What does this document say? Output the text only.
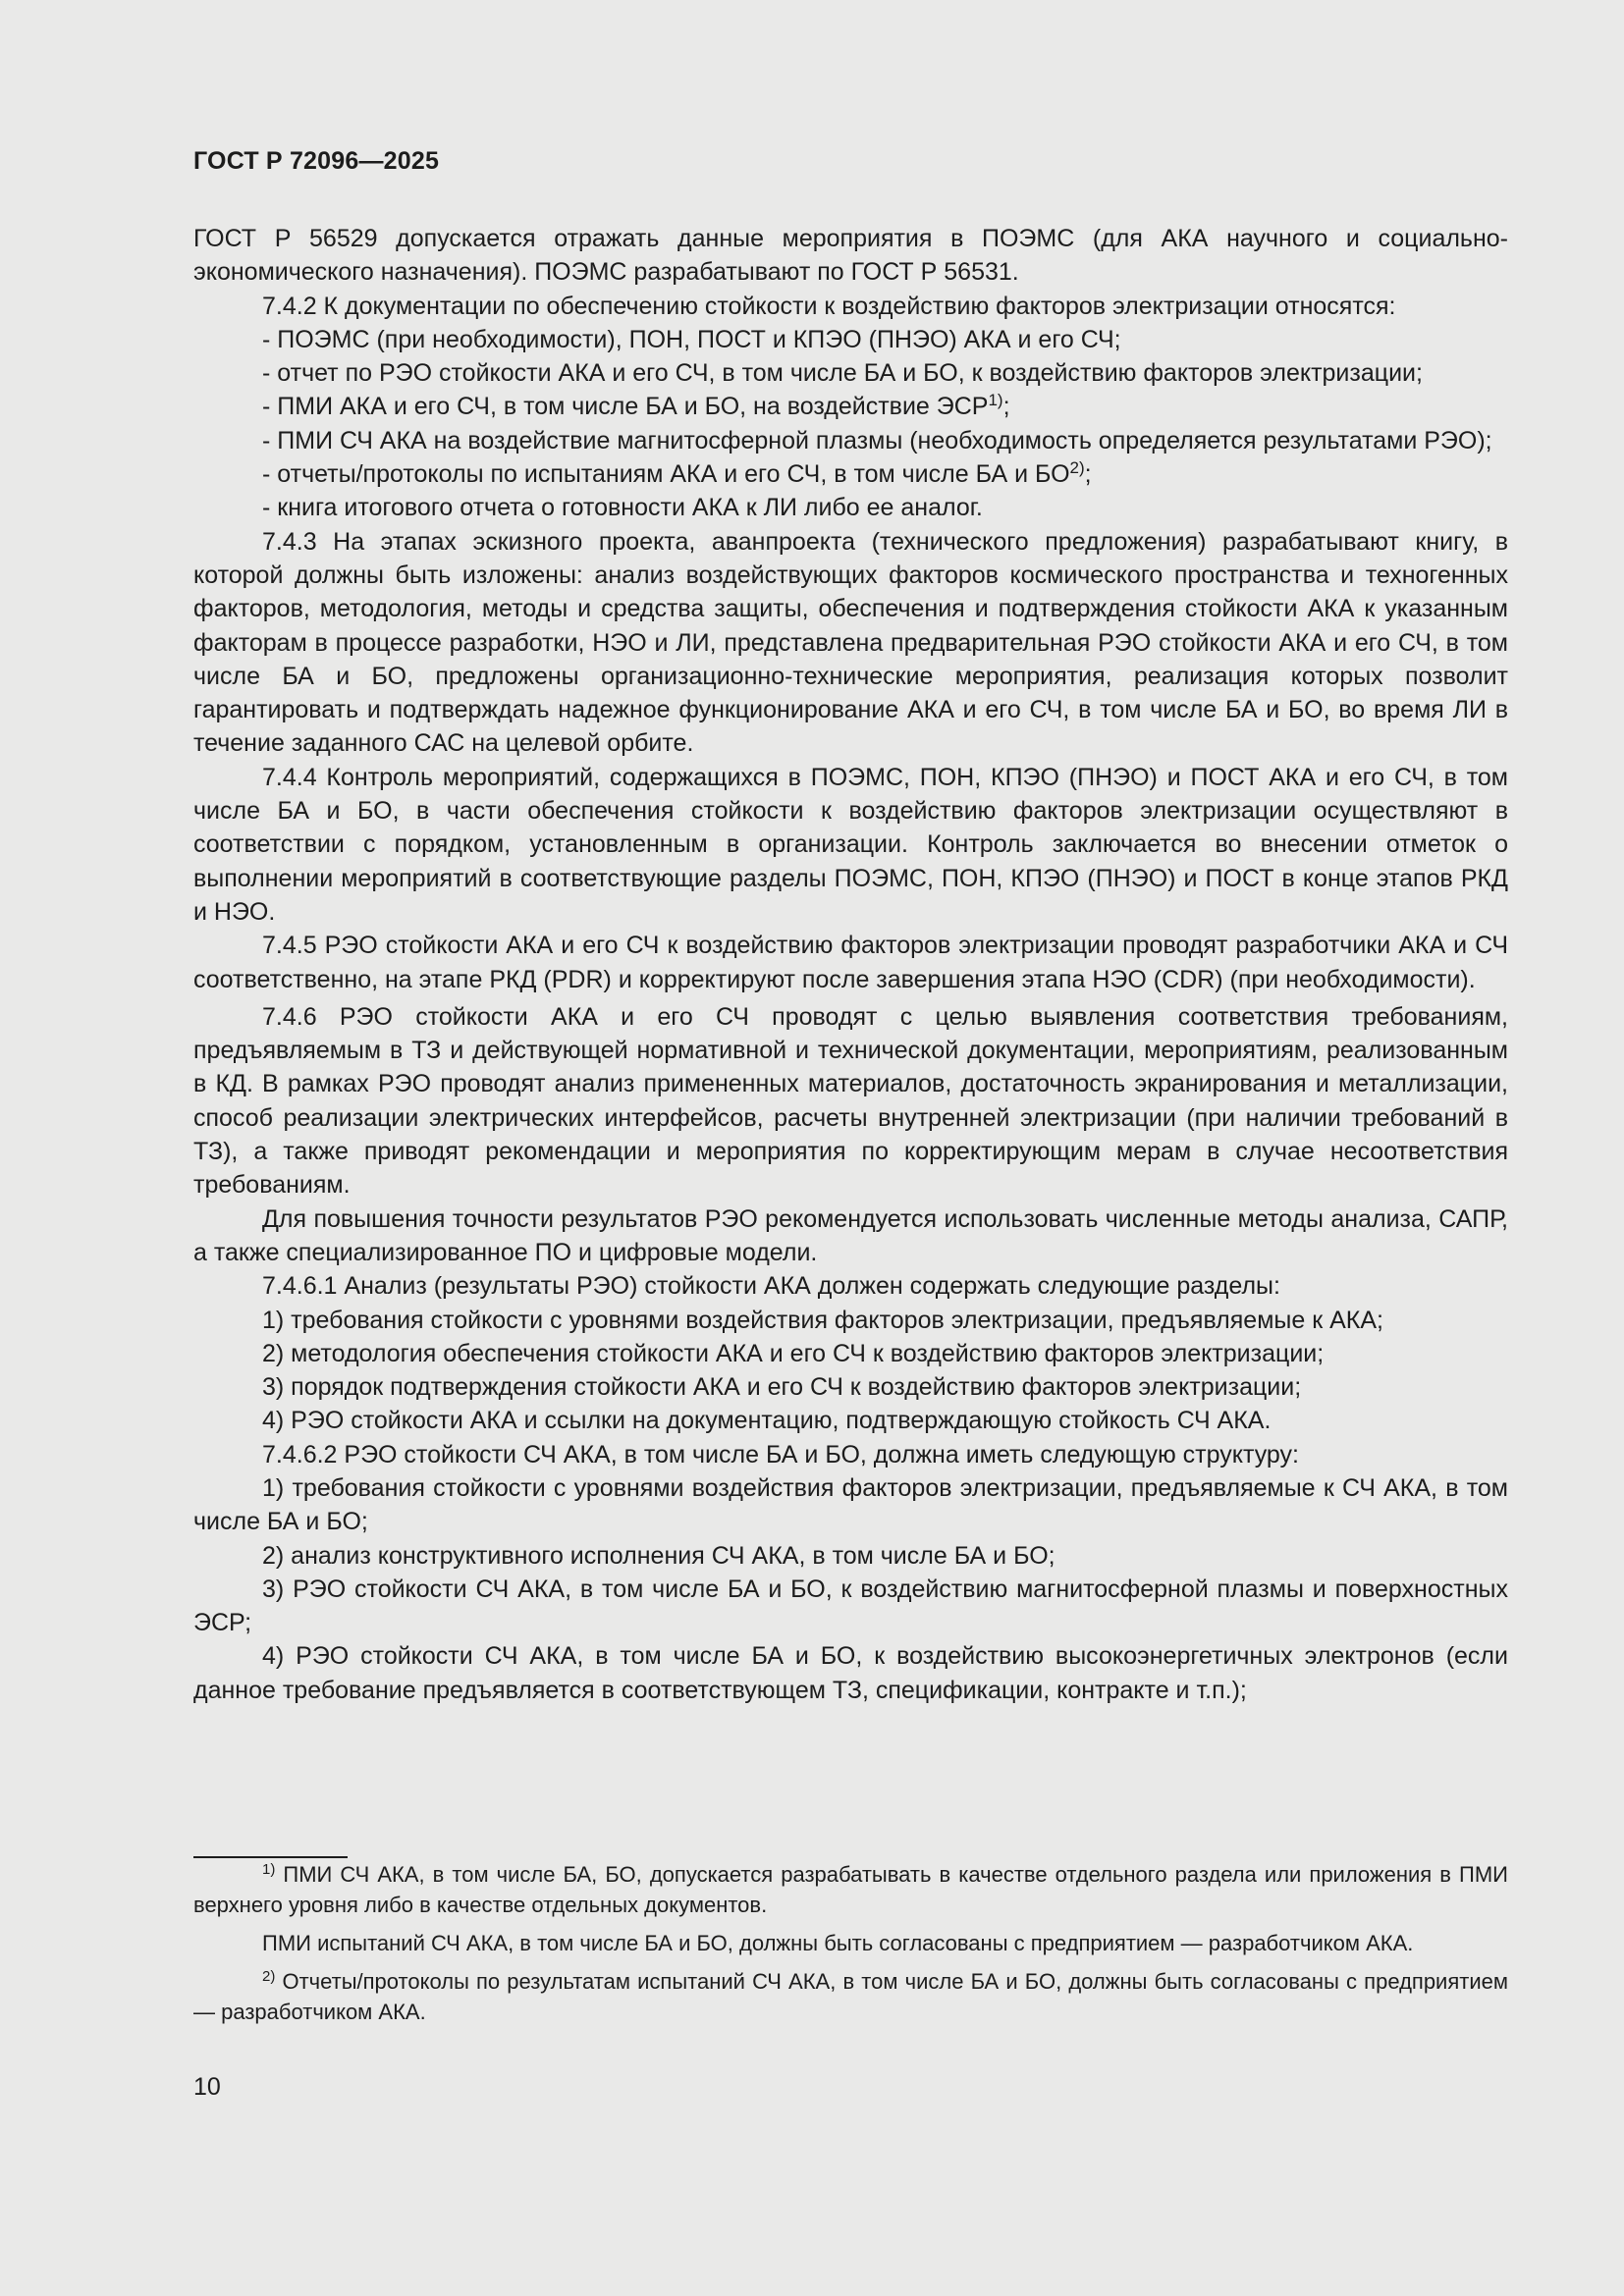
ГОСТ Р 72096—2025

ГОСТ Р 56529 допускается отражать данные мероприятия в ПОЭМС (для АКА научного и социально-экономического назначения). ПОЭМС разрабатывают по ГОСТ Р 56531.

7.4.2 К документации по обеспечению стойкости к воздействию факторов электризации относятся:

- ПОЭМС (при необходимости), ПОН, ПОСТ и КПЭО (ПНЭО) АКА и его СЧ;

- отчет по РЭО стойкости АКА и его СЧ, в том числе БА и БО, к воздействию факторов электризации;

- ПМИ АКА и его СЧ, в том числе БА и БО, на воздействие ЭСР$^{1)}$;

- ПМИ СЧ АКА на воздействие магнитосферной плазмы (необходимость определяется результатами РЭО);

- отчеты/протоколы по испытаниям АКА и его СЧ, в том числе БА и БО$^{2)}$;

- книга итогового отчета о готовности АКА к ЛИ либо ее аналог.

7.4.3 На этапах эскизного проекта, аванпроекта (технического предложения) разрабатывают книгу, в которой должны быть изложены: анализ воздействующих факторов космического пространства и техногенных факторов, методология, методы и средства защиты, обеспечения и подтверждения стойкости АКА к указанным факторам в процессе разработки, НЭО и ЛИ, представлена предварительная РЭО стойкости АКА и его СЧ, в том числе БА и БО, предложены организационно-технические мероприятия, реализация которых позволит гарантировать и подтверждать надежное функционирование АКА и его СЧ, в том числе БА и БО, во время ЛИ в течение заданного САС на целевой орбите.

7.4.4 Контроль мероприятий, содержащихся в ПОЭМС, ПОН, КПЭО (ПНЭО) и ПОСТ АКА и его СЧ, в том числе БА и БО, в части обеспечения стойкости к воздействию факторов электризации осуществляют в соответствии с порядком, установленным в организации. Контроль заключается во внесении отметок о выполнении мероприятий в соответствующие разделы ПОЭМС, ПОН, КПЭО (ПНЭО) и ПОСТ в конце этапов РКД и НЭО.

7.4.5 РЭО стойкости АКА и его СЧ к воздействию факторов электризации проводят разработчики АКА и СЧ соответственно, на этапе РКД (PDR) и корректируют после завершения этапа НЭО (CDR) (при необходимости).

7.4.6 РЭО стойкости АКА и его СЧ проводят с целью выявления соответствия требованиям, предъявляемым в ТЗ и действующей нормативной и технической документации, мероприятиям, реализованным в КД. В рамках РЭО проводят анализ примененных материалов, достаточность экранирования и металлизации, способ реализации электрических интерфейсов, расчеты внутренней электризации (при наличии требований в ТЗ), а также приводят рекомендации и мероприятия по корректирующим мерам в случае несоответствия требованиям.

Для повышения точности результатов РЭО рекомендуется использовать численные методы анализа, САПР, а также специализированное ПО и цифровые модели.

7.4.6.1 Анализ (результаты РЭО) стойкости АКА должен содержать следующие разделы:

1) требования стойкости с уровнями воздействия факторов электризации, предъявляемые к АКА;

2) методология обеспечения стойкости АКА и его СЧ к воздействию факторов электризации;

3) порядок подтверждения стойкости АКА и его СЧ к воздействию факторов электризации;

4) РЭО стойкости АКА и ссылки на документацию, подтверждающую стойкость СЧ АКА.

7.4.6.2 РЭО стойкости СЧ АКА, в том числе БА и БО, должна иметь следующую структуру:

1) требования стойкости с уровнями воздействия факторов электризации, предъявляемые к СЧ АКА, в том числе БА и БО;

2) анализ конструктивного исполнения СЧ АКА, в том числе БА и БО;

3) РЭО стойкости СЧ АКА, в том числе БА и БО, к воздействию магнитосферной плазмы и поверхностных ЭСР;

4) РЭО стойкости СЧ АКА, в том числе БА и БО, к воздействию высокоэнергетичных электронов (если данное требование предъявляется в соответствующем ТЗ, спецификации, контракте и т.п.);

$^{1)}$ ПМИ СЧ АКА, в том числе БА, БО, допускается разрабатывать в качестве отдельного раздела или приложения в ПМИ верхнего уровня либо в качестве отдельных документов.

ПМИ испытаний СЧ АКА, в том числе БА и БО, должны быть согласованы с предприятием — разработчиком АКА.

$^{2)}$ Отчеты/протоколы по результатам испытаний СЧ АКА, в том числе БА и БО, должны быть согласованы с предприятием — разработчиком АКА.

10
